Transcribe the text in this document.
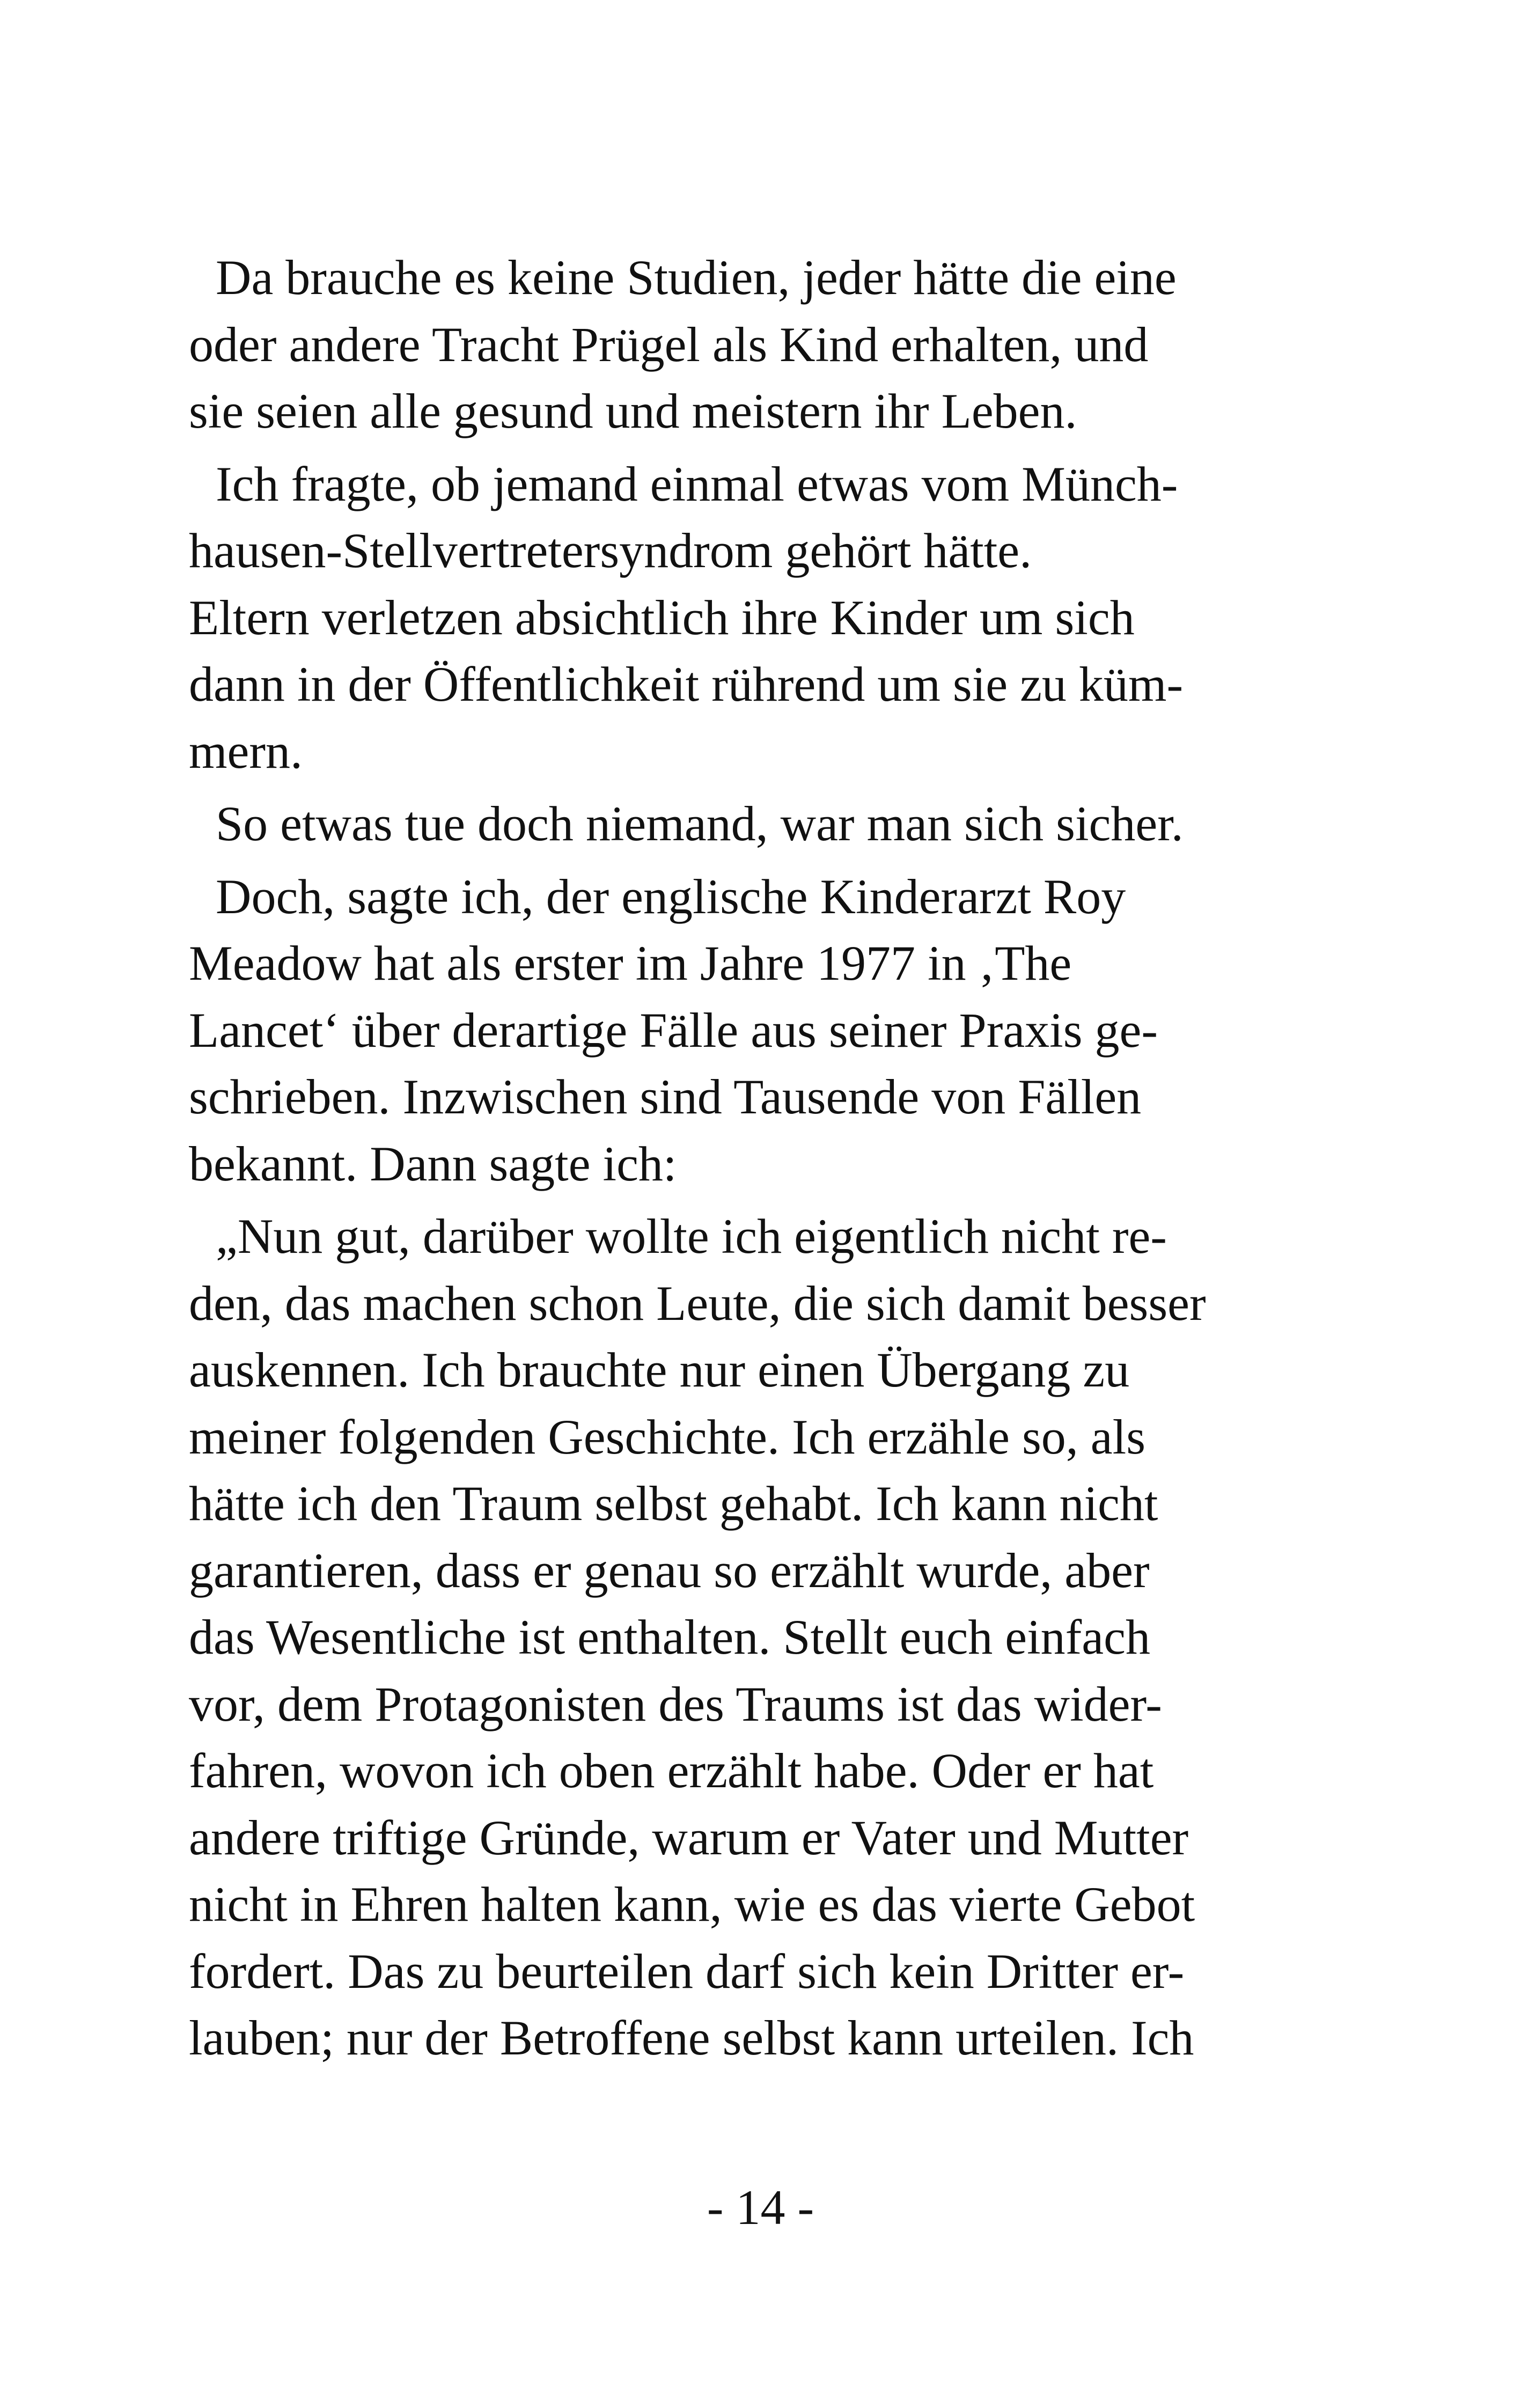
Da brauche es keine Studien, jeder hätte die eine
oder andere Tracht Prügel als Kind erhalten, und
sie seien alle gesund und meistern ihr Leben.
Ich fragte, ob jemand einmal etwas vom Münch-
hausen-Stellvertretersyndrom gehört hätte.
Eltern verletzen absichtlich ihre Kinder um sich
dann in der Öffentlichkeit rührend um sie zu küm-
mern.
So etwas tue doch niemand, war man sich sicher.
Doch, sagte ich, der englische Kinderarzt Roy
Meadow hat als erster im Jahre 1977 in ‚The
Lancet‘ über derartige Fälle aus seiner Praxis ge-
schrieben. Inzwischen sind Tausende von Fällen
bekannt. Dann sagte ich:
„Nun gut, darüber wollte ich eigentlich nicht re-
den, das machen schon Leute, die sich damit besser
auskennen. Ich brauchte nur einen Übergang zu
meiner folgenden Geschichte. Ich erzähle so, als
hätte ich den Traum selbst gehabt. Ich kann nicht
garantieren, dass er genau so erzählt wurde, aber
das Wesentliche ist enthalten. Stellt euch einfach
vor, dem Protagonisten des Traums ist das wider-
fahren, wovon ich oben erzählt habe. Oder er hat
andere triftige Gründe, warum er Vater und Mutter
nicht in Ehren halten kann, wie es das vierte Gebot
fordert. Das zu beurteilen darf sich kein Dritter er-
lauben; nur der Betroffene selbst kann urteilen. Ich
- 14 -
